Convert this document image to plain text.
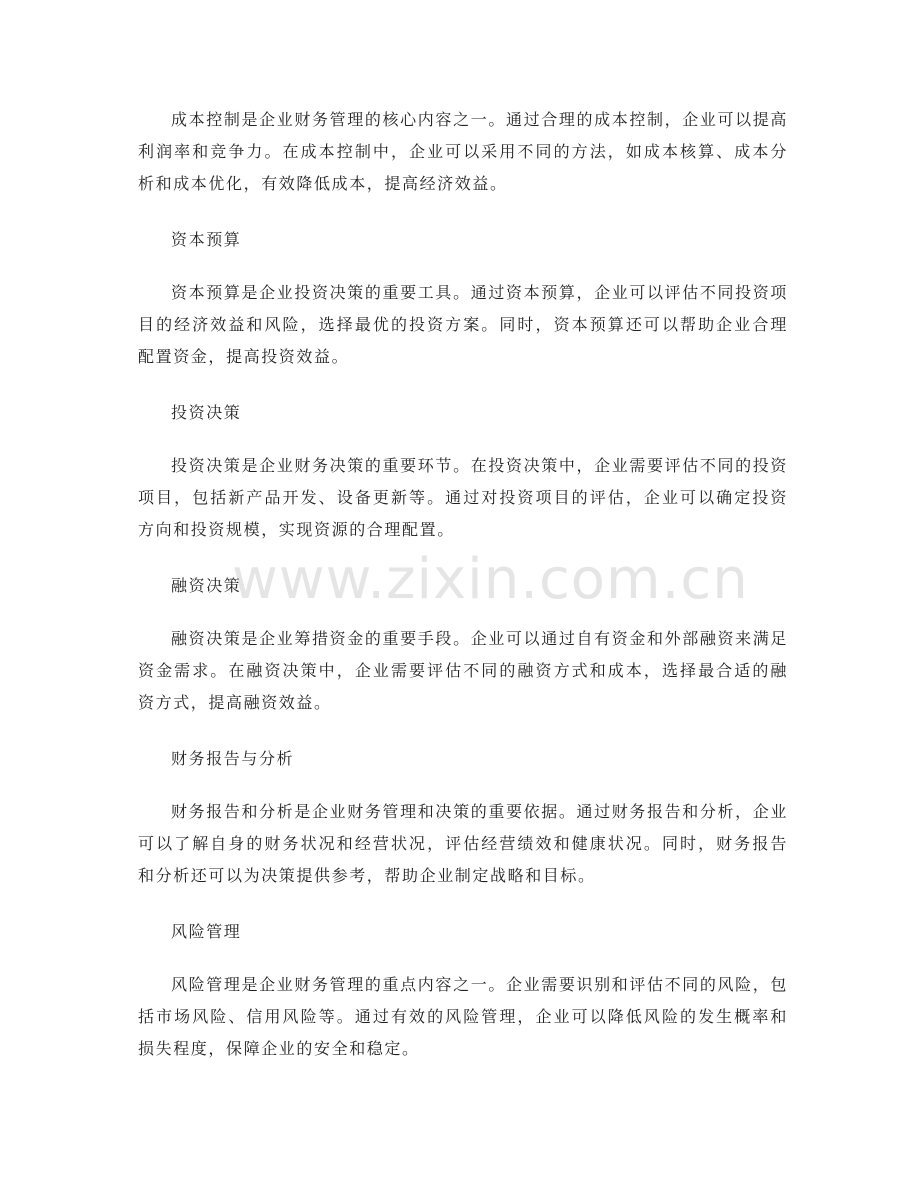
成本控制是企业财务管理的核心内容之一。通过合理的成本控制，企业可以提高利润率和竞争力。在成本控制中，企业可以采用不同的方法，如成本核算、成本分析和成本优化，有效降低成本，提高经济效益。

资本预算

资本预算是企业投资决策的重要工具。通过资本预算，企业可以评估不同投资项目的经济效益和风险，选择最优的投资方案。同时，资本预算还可以帮助企业合理配置资金，提高投资效益。

投资决策

投资决策是企业财务决策的重要环节。在投资决策中，企业需要评估不同的投资项目，包括新产品开发、设备更新等。通过对投资项目的评估，企业可以确定投资方向和投资规模，实现资源的合理配置。

融资决策

融资决策是企业筹措资金的重要手段。企业可以通过自有资金和外部融资来满足资金需求。在融资决策中，企业需要评估不同的融资方式和成本，选择最合适的融资方式，提高融资效益。

财务报告与分析

财务报告和分析是企业财务管理和决策的重要依据。通过财务报告和分析，企业可以了解自身的财务状况和经营状况，评估经营绩效和健康状况。同时，财务报告和分析还可以为决策提供参考，帮助企业制定战略和目标。

风险管理

风险管理是企业财务管理的重点内容之一。企业需要识别和评估不同的风险，包括市场风险、信用风险等。通过有效的风险管理，企业可以降低风险的发生概率和损失程度，保障企业的安全和稳定。

www.zixin.com.cn
